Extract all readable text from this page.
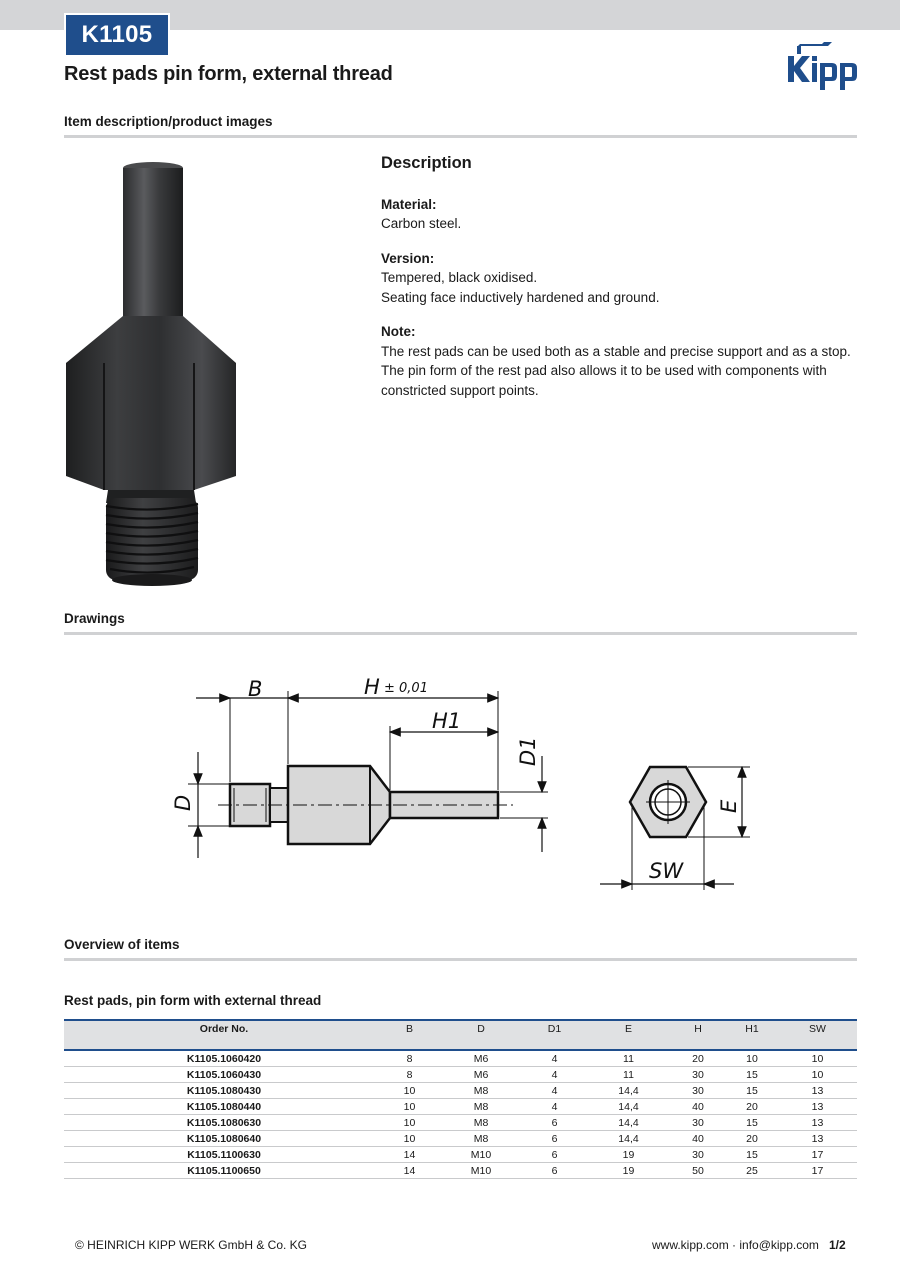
K1105
Rest pads pin form, external thread
Item description/product images
Description
Material:
Carbon steel.
Version:
Tempered, black oxidised.
Seating face inductively hardened and ground.
Note:
The rest pads can be used both as a stable and precise support and as a stop.
The pin form of the rest pad also allows it to be used with components with
constricted support points.
Drawings
B	H ± 0,01
H1
D
D1
E
SW
Overview of items
Rest pads, pin form with external thread
Order No.	B	D	D1	E	H	H1	SW
K1105.1060420	8	M6	4	11	20	10	10
K1105.1060430	8	M6	4	11	30	15	10
K1105.1080430	10	M8	4	14,4	30	15	13
K1105.1080440	10	M8	4	14,4	40	20	13
K1105.1080630	10	M8	6	14,4	30	15	13
K1105.1080640	10	M8	6	14,4	40	20	13
K1105.1100630	14	M10	6	19	30	15	17
K1105.1100650	14	M10	6	19	50	25	17
© HEINRICH KIPP WERK GmbH & Co. KG	www.kipp.com · info@kipp.com 1/2
